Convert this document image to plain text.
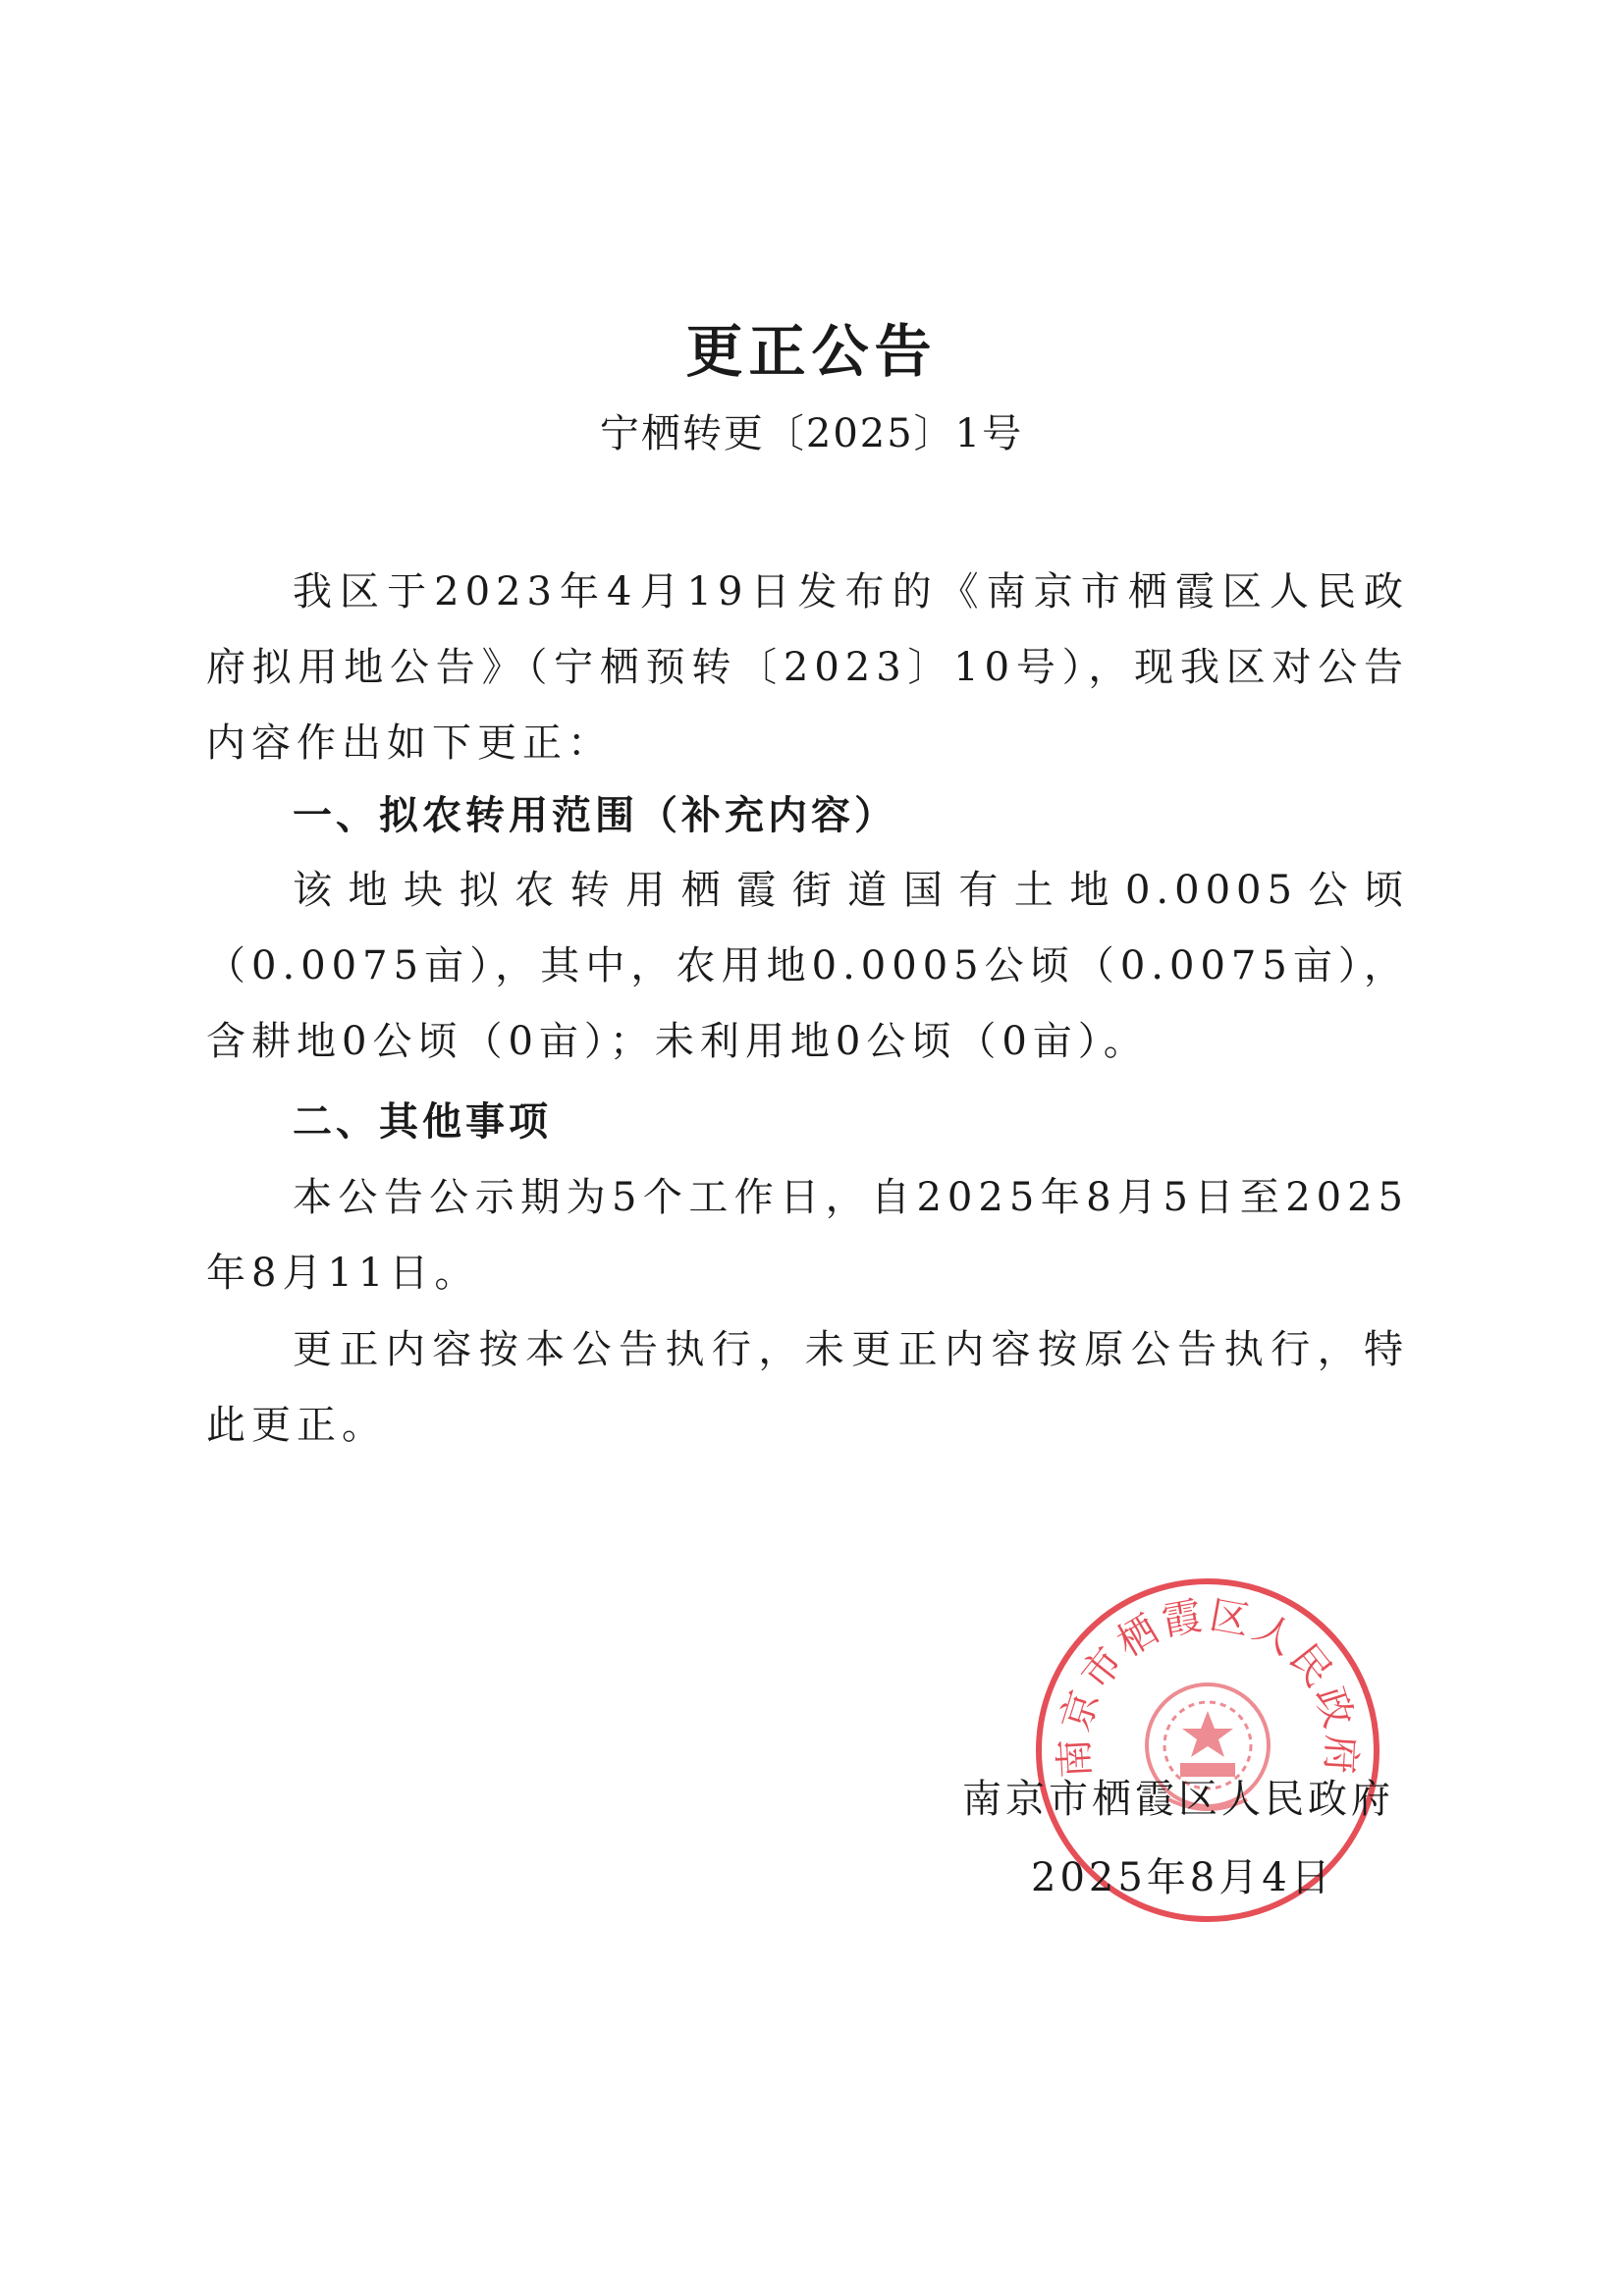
更正公告
宁栖转更〔2025〕1号

我区于2023年4月19日发布的《南京市栖霞区人民政府拟用地公告》（宁栖预转〔2023〕10号），现我区对公告内容作出如下更正：

一、拟农转用范围（补充内容）

该地块拟农转用栖霞街道国有土地0.0005公顷（0.0075亩），其中，农用地0.0005公顷（0.0075亩），含耕地0公顷（0亩）；未利用地0公顷（0亩）。

二、其他事项

本公告公示期为5个工作日，自2025年8月5日至2025年8月11日。

更正内容按本公告执行，未更正内容按原公告执行，特此更正。

南京市栖霞区人民政府
南京市栖霞区人民政府
2025年8月4日
